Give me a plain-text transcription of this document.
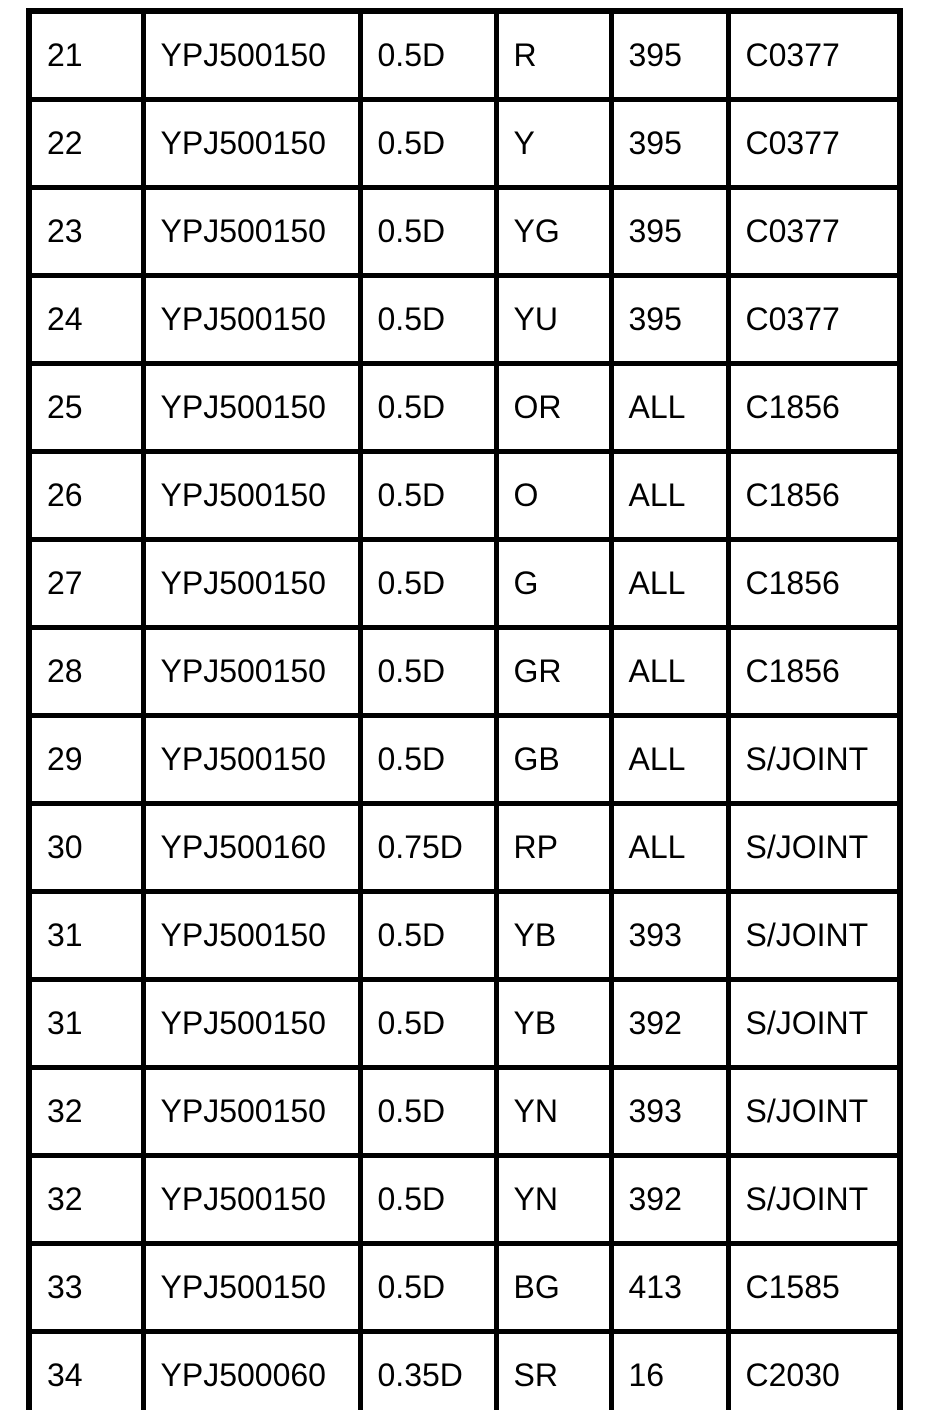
21	YPJ500150	0.5D	R	395	C0377
22	YPJ500150	0.5D	Y	395	C0377
23	YPJ500150	0.5D	YG	395	C0377
24	YPJ500150	0.5D	YU	395	C0377
25	YPJ500150	0.5D	OR	ALL	C1856
26	YPJ500150	0.5D	O	ALL	C1856
27	YPJ500150	0.5D	G	ALL	C1856
28	YPJ500150	0.5D	GR	ALL	C1856
29	YPJ500150	0.5D	GB	ALL	S/JOINT
30	YPJ500160	0.75D	RP	ALL	S/JOINT
31	YPJ500150	0.5D	YB	393	S/JOINT
31	YPJ500150	0.5D	YB	392	S/JOINT
32	YPJ500150	0.5D	YN	393	S/JOINT
32	YPJ500150	0.5D	YN	392	S/JOINT
33	YPJ500150	0.5D	BG	413	C1585
34	YPJ500060	0.35D	SR	16	C2030
